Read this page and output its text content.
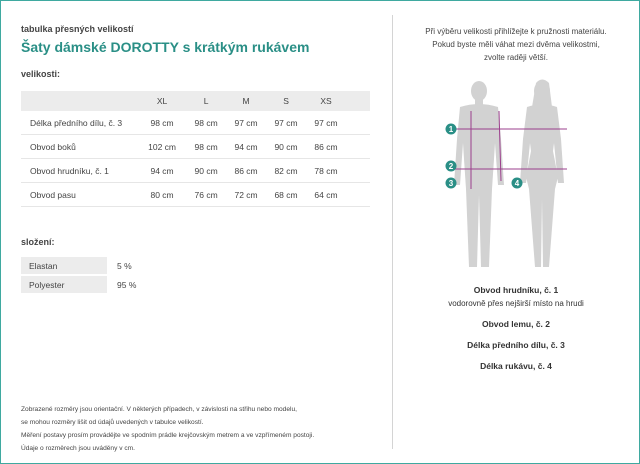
tabulka přesných velikostí
Šaty dámské DOROTTY s krátkým rukávem
velikosti:
	XL	L	M	S	XS	
Délka předního dílu, č. 3	98 cm	98 cm	97 cm	97 cm	97 cm	
Obvod boků	102 cm	98 cm	94 cm	90 cm	86 cm	
Obvod hrudníku, č. 1	94 cm	90 cm	86 cm	82 cm	78 cm	
Obvod pasu	80 cm	76 cm	72 cm	68 cm	64 cm	
složení:
Elastan	5 %
Polyester	95 %
Zobrazené rozměry jsou orientační. V některých případech, v závislosti na střihu nebo modelu,
se mohou rozměry lišit od údajů uvedených v tabulce velikostí.
Měření postavy prosím provádějte ve spodním prádle krejčovským metrem a ve vzpřímeném postoji.
Údaje o rozměrech jsou uváděny v cm.
Při výběru velikosti přihlížejte k pružnosti materiálu.
Pokud byste měli váhat mezi dvěma velikostmi,
zvolte raději větší.
1
2
3	4
Obvod hrudníku, č. 1
vodorovně přes nejširší místo na hrudi
Obvod lemu, č. 2
Délka předního dílu, č. 3
Délka rukávu, č. 4
